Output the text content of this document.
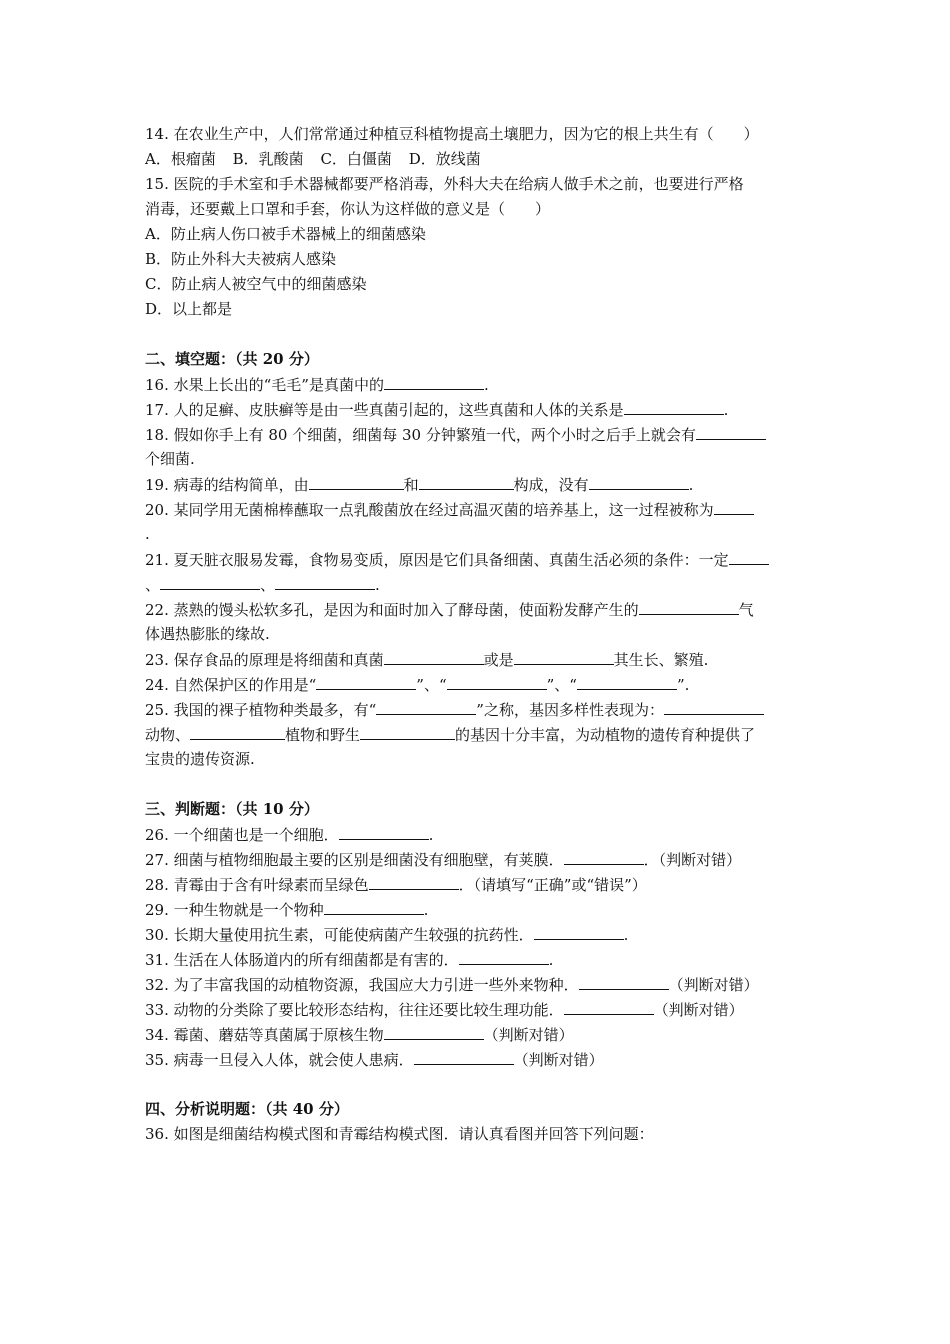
14. 在农业生产中，人们常常通过种植豆科植物提高土壤肥力，因为它的根上共生有（　　）
A．根瘤菌 B．乳酸菌 C．白僵菌 D．放线菌
15. 医院的手术室和手术器械都要严格消毒，外科大夫在给病人做手术之前，也要进行严格
消毒，还要戴上口罩和手套，你认为这样做的意义是（　　）
A．防止病人伤口被手术器械上的细菌感染
B．防止外科大夫被病人感染
C．防止病人被空气中的细菌感染
D．以上都是
二、填空题：（共 20 分）
16. 水果上长出的“毛毛”是真菌中的	.
17. 人的足癣、皮肤癣等是由一些真菌引起的，这些真菌和人体的关系是	.
18. 假如你手上有 80 个细菌，细菌每 30 分钟繁殖一代，两个小时之后手上就会有
个细菌.
19. 病毒的结构简单，由	和	构成，没有	.
20. 某同学用无菌棉棒蘸取一点乳酸菌放在经过高温灭菌的培养基上，这一过程被称为
.
21. 夏天脏衣服易发霉，食物易变质，原因是它们具备细菌、真菌生活必须的条件：一定
、	、	.
22. 蒸熟的馒头松软多孔，是因为和面时加入了酵母菌，使面粉发酵产生的	气
体遇热膨胀的缘故.
23. 保存食品的原理是将细菌和真菌	或是	其生长、繁殖.
24. 自然保护区的作用是“	”、“	”、“	”.
25. 我国的裸子植物种类最多，有“	”之称，基因多样性表现为：
动物、	植物和野生	的基因十分丰富，为动植物的遗传育种提供了
宝贵的遗传资源.
三、判断题：（共 10 分）
26. 一个细菌也是一个细胞．	.
27. 细菌与植物细胞最主要的区别是细菌没有细胞壁，有荚膜．	．（判断对错）
28. 青霉由于含有叶绿素而呈绿色	．（请填写“正确”或“错误”）
29. 一种生物就是一个物种	.
30. 长期大量使用抗生素，可能使病菌产生较强的抗药性．	.
31. 生活在人体肠道内的所有细菌都是有害的．	.
32. 为了丰富我国的动植物资源，我国应大力引进一些外来物种．	（判断对错）
33. 动物的分类除了要比较形态结构，往往还要比较生理功能．	（判断对错）
34. 霉菌、蘑菇等真菌属于原核生物	（判断对错）
35. 病毒一旦侵入人体，就会使人患病．	（判断对错）
四、分析说明题：（共 40 分）
36. 如图是细菌结构模式图和青霉结构模式图．请认真看图并回答下列问题：
